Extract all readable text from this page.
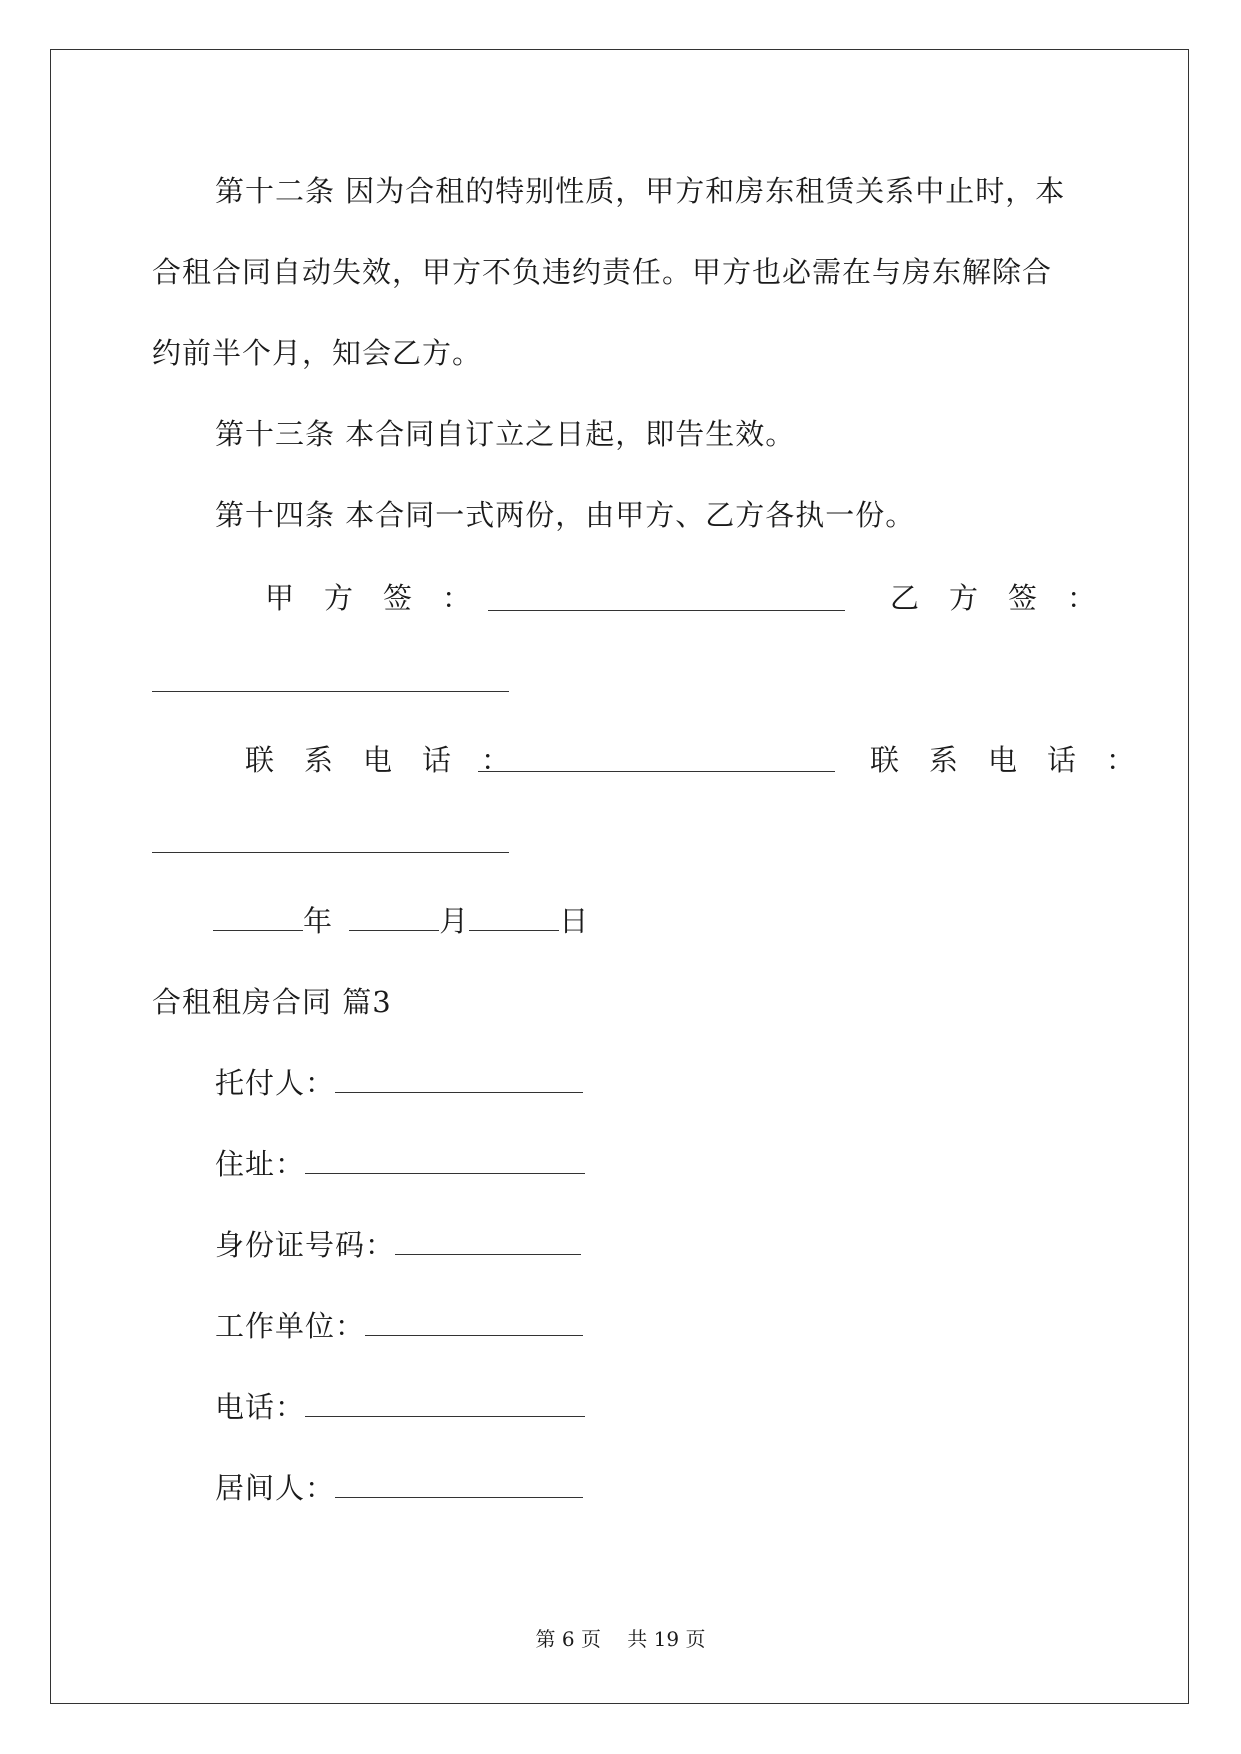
第十二条 因为合租的特别性质，甲方和房东租赁关系中止时，本
合租合同自动失效，甲方不负违约责任。甲方也必需在与房东解除合
约前半个月，知会乙方。
第十三条 本合同自订立之日起，即告生效。
第十四条 本合同一式两份，由甲方、乙方各执一份。
甲方签：	乙方签：
联系电话：	联系电话：
年	月	日
合租租房合同 篇3
托付人：
住址：
身份证号码：
工作单位：
电话：
居间人：
第 6 页　 共 19 页
